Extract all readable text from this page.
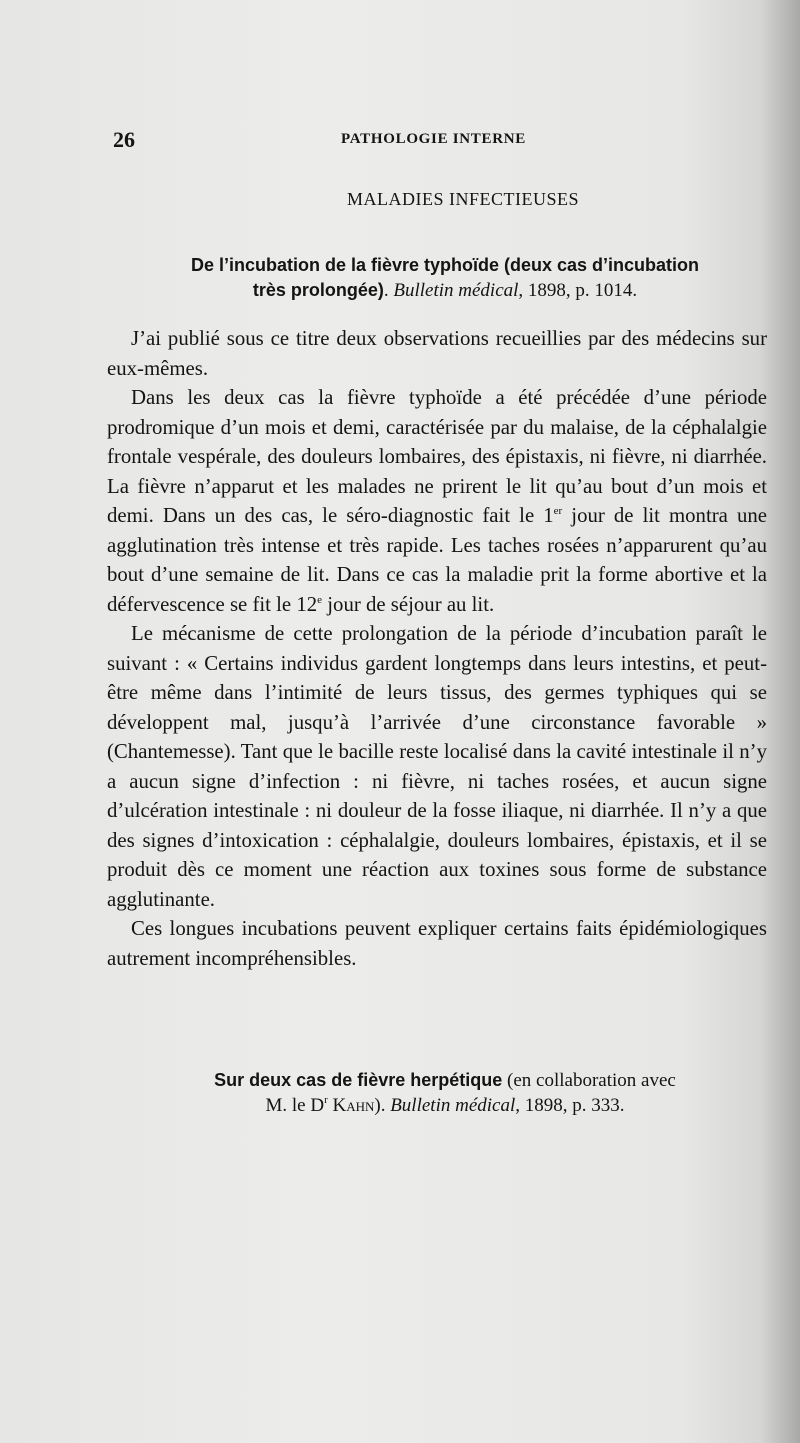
26	PATHOLOGIE INTERNE
MALADIES INFECTIEUSES
De l’incubation de la fièvre typhoïde (deux cas d’incubation
très prolongée). Bulletin médical, 1898, p. 1014.

J’ai publié sous ce titre deux observations recueillies par des médecins sur eux-mêmes.

Dans les deux cas la fièvre typhoïde a été précédée d’une période prodromique d’un mois et demi, caractérisée par du malaise, de la céphalalgie frontale vespérale, des douleurs lombaires, des épistaxis, ni fièvre, ni diarrhée. La fièvre n’apparut et les malades ne prirent le lit qu’au bout d’un mois et demi. Dans un des cas, le séro-diagnostic fait le 1er jour de lit montra une agglutination très intense et très rapide. Les taches rosées n’apparurent qu’au bout d’une semaine de lit. Dans ce cas la maladie prit la forme abortive et la défervescence se fit le 12e jour de séjour au lit.

Le mécanisme de cette prolongation de la période d’incubation paraît le suivant : « Certains individus gardent longtemps dans leurs intestins, et peut-être même dans l’intimité de leurs tissus, des germes typhiques qui se développent mal, jusqu’à l’arrivée d’une circonstance favorable » (Chantemesse). Tant que le bacille reste localisé dans la cavité intestinale il n’y a aucun signe d’infection : ni fièvre, ni taches rosées, et aucun signe d’ulcération intestinale : ni douleur de la fosse iliaque, ni diarrhée. Il n’y a que des signes d’intoxication : céphalalgie, douleurs lombaires, épistaxis, et il se produit dès ce moment une réaction aux toxines sous forme de substance agglutinante.

Ces longues incubations peuvent expliquer certains faits épidémiologiques autrement incompréhensibles.

Sur deux cas de fièvre herpétique (en collaboration avec
M. le $D^r$ Kahn). Bulletin médical, 1898, p. 333.
